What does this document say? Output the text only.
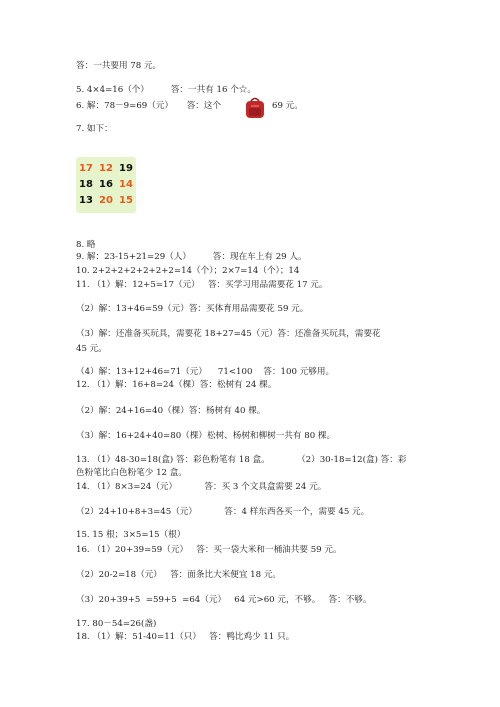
答：一共要用 78 元。
5. 4×4=16（个）        答：一共有 16 个☆。
6. 解：78－9=69（元）     答：这个	69 元。
7. 如下：
17 12 19
18 16 14
13 20 15
8. 略
9. 解：23-15+21=29（人）        答：现在车上有 29 人。
10. 2+2+2+2+2+2+2=14（个）；2×7=14（个）；14
11. （1）解：12+5=17（元）   答：买学习用品需要花 17 元。
（2）解：13+46=59（元）答：买体育用品需要花 59 元。
（3）解：还准备买玩具，需要花 18+27=45（元）答：还准备买玩具，需要花
45 元。
（4）解：13+12+46=71（元）    71<100    答：100 元够用。
12. （1）解：16+8=24（棵）答：松树有 24 棵。
（2）解：24+16=40（棵）答：杨树有 40 棵。
（3）解：16+24+40=80（棵）松树、杨树和柳树一共有 80 棵。
13. （1）48-30=18(盒) 答：彩色粉笔有 18 盒。          （2）30-18=12(盒) 答：彩
色粉笔比白色粉笔少 12 盒。
14. （1）8×3=24（元）          答：买 3 个文具盒需要 24 元。
（2）24+10+8+3=45（元）          答：4 样东西各买一个，需要 45 元。
15. 15 根；3×5=15（根）
16. （1）20+39=59（元）   答：买一袋大米和一桶油共要 59 元。
（2）20-2=18（元）   答：面条比大米便宜 18 元。
（3）20+39+5  =59+5  =64（元）   64 元>60 元，不够。   答：不够。
17. 80－54=26(盏)
18. （1）解：51-40=11（只）   答：鸭比鸡少 11 只。
